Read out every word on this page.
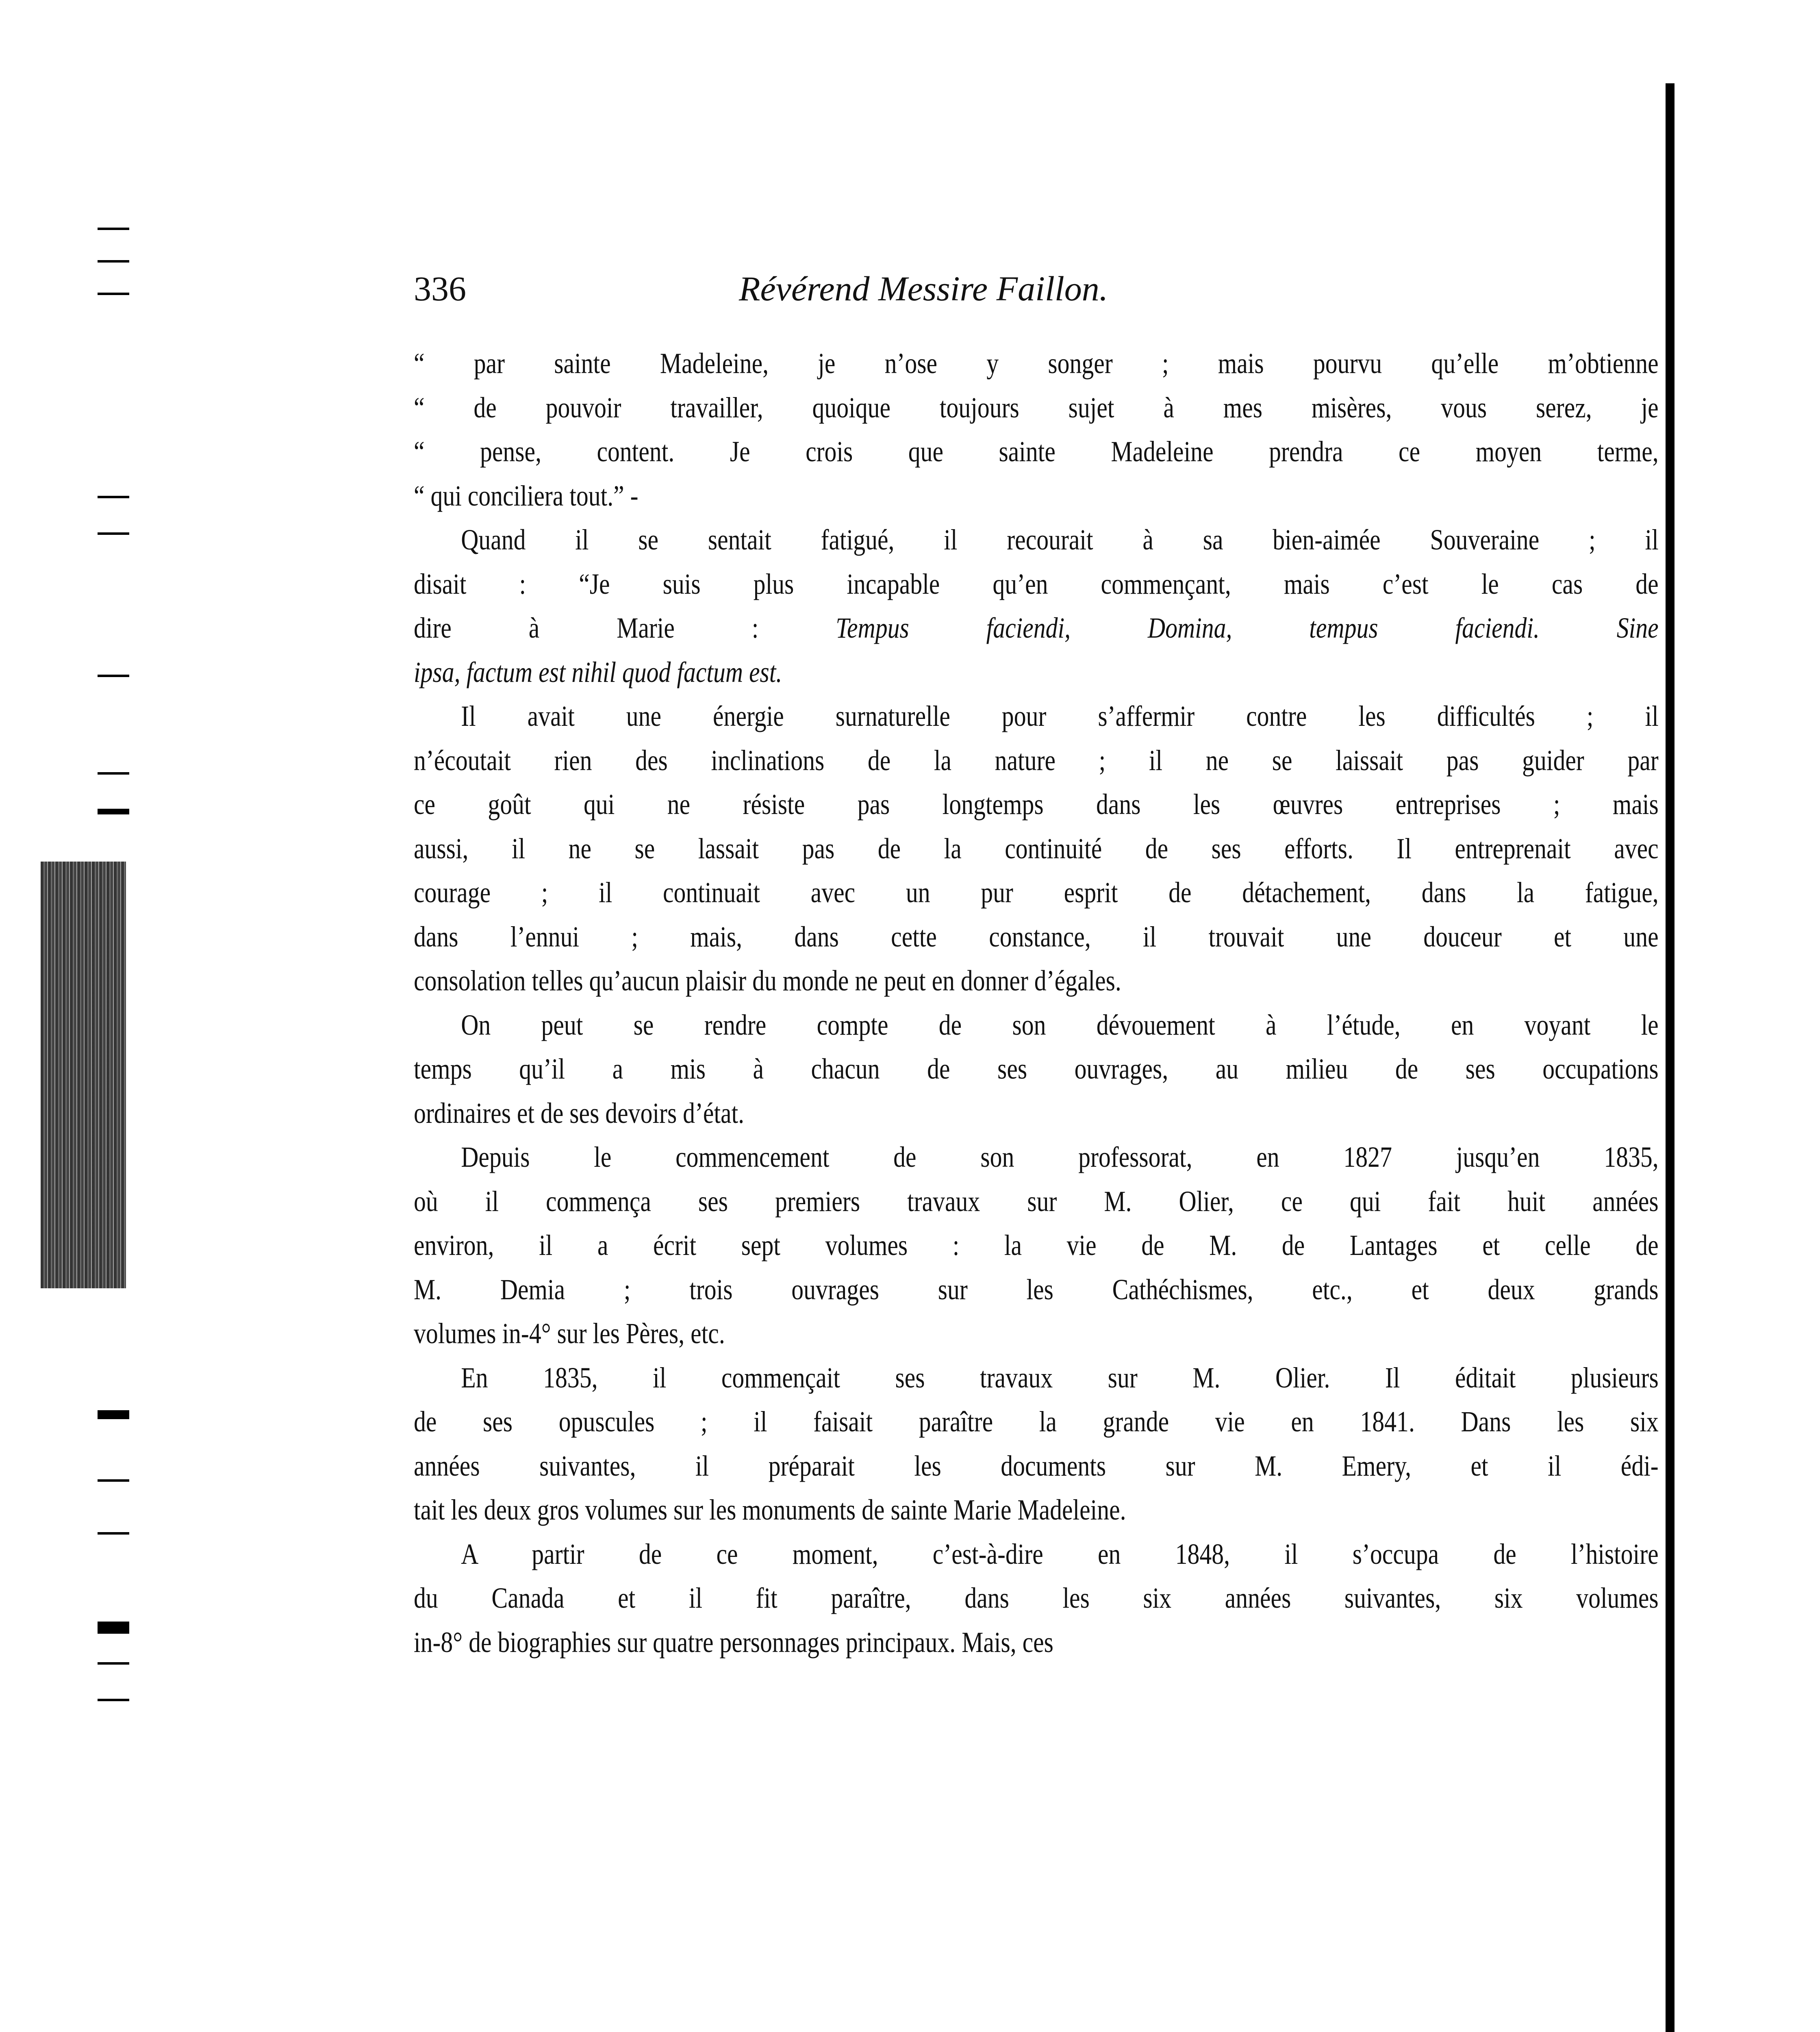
336	Révérend Messire Faillon.
“ par sainte Madeleine, je n’ose y songer ; mais pourvu qu’elle m’obtienne
“ de pouvoir travailler, quoique toujours sujet à mes misères, vous serez, je
“ pense, content. Je crois que sainte Madeleine prendra ce moyen terme,
“ qui conciliera tout.” -
Quand il se sentait fatigué, il recourait à sa bien-aimée Souveraine ; il
disait : “Je suis plus incapable qu’en commençant, mais c’est le cas de
dire à Marie : Tempus faciendi, Domina, tempus faciendi. Sine
ipsa, factum est nihil quod factum est.
Il avait une énergie surnaturelle pour s’affermir contre les difficultés ; il
n’écoutait rien des inclinations de la nature ; il ne se laissait pas guider par
ce goût qui ne résiste pas longtemps dans les œuvres entreprises ; mais
aussi, il ne se lassait pas de la continuité de ses efforts. Il entreprenait avec
courage ; il continuait avec un pur esprit de détachement, dans la fatigue,
dans l’ennui ; mais, dans cette constance, il trouvait une douceur et une
consolation telles qu’aucun plaisir du monde ne peut en donner d’égales.
On peut se rendre compte de son dévouement à l’étude, en voyant le
temps qu’il a mis à chacun de ses ouvrages, au milieu de ses occupations
ordinaires et de ses devoirs d’état.
Depuis le commencement de son professorat, en 1827 jusqu’en 1835,
où il commença ses premiers travaux sur M. Olier, ce qui fait huit années
environ, il a écrit sept volumes : la vie de M. de Lantages et celle de
M. Demia ; trois ouvrages sur les Cathéchismes, etc., et deux grands
volumes in-4° sur les Pères, etc.
En 1835, il commençait ses travaux sur M. Olier. Il éditait plusieurs
de ses opuscules ; il faisait paraître la grande vie en 1841. Dans les six
années suivantes, il préparait les documents sur M. Emery, et il édi-
tait les deux gros volumes sur les monuments de sainte Marie Madeleine.
A partir de ce moment, c’est-à-dire en 1848, il s’occupa de l’histoire
du Canada et il fit paraître, dans les six années suivantes, six volumes
in-8° de biographies sur quatre personnages principaux. Mais, ces
